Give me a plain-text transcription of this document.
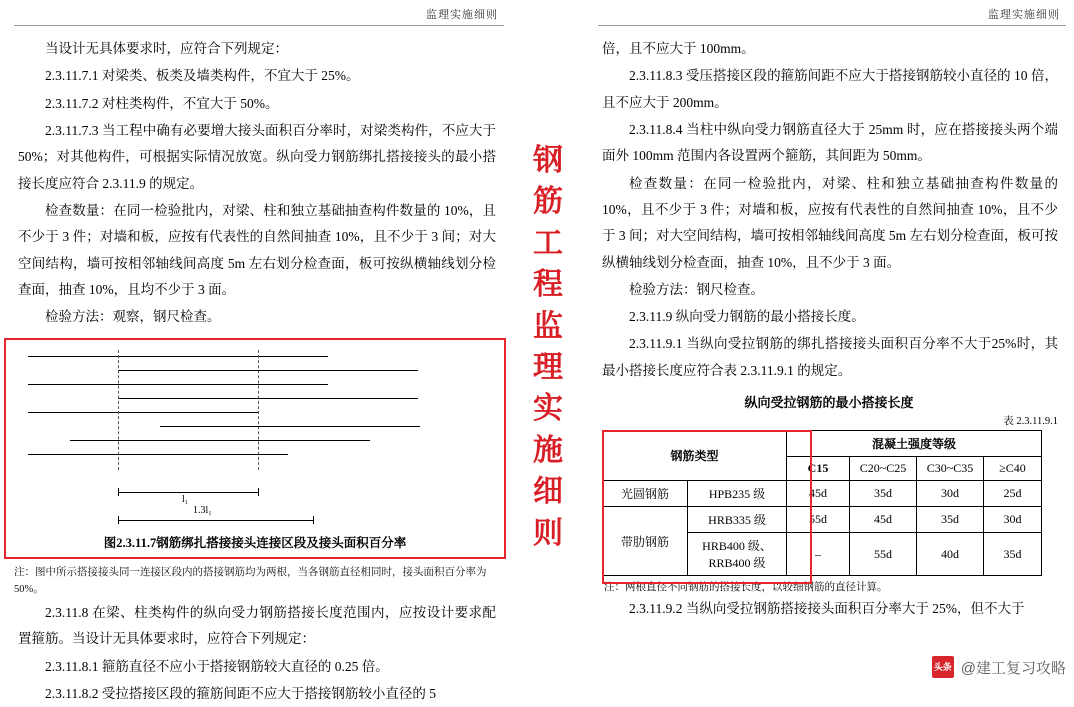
监理实施细则

当设计无具体要求时，应符合下列规定：

2.3.11.7.1 对梁类、板类及墙类构件，不宜大于 25%。

2.3.11.7.2 对柱类构件，不宜大于 50%。

2.3.11.7.3 当工程中确有必要增大接头面积百分率时，对梁类构件，不应大于 50%；对其他构件，可根据实际情况放宽。纵向受力钢筋绑扎搭接接头的最小搭接长度应符合 2.3.11.9 的规定。

检查数量：在同一检验批内，对梁、柱和独立基础抽查构件数量的 10%，且不少于 3 件；对墙和板，应按有代表性的自然间抽查 10%，且不少于 3 间；对大空间结构，墙可按相邻轴线间高度 5m 左右划分检查面，板可按纵横轴线划分检查面，抽查 10%，且均不少于 3 面。

检验方法：观察，钢尺检查。

l₁
1.3l₁
图2.3.11.7钢筋绑扎搭接接头连接区段及接头面积百分率
注：图中所示搭接接头同一连接区段内的搭接钢筋均为两根，当各钢筋直径相同时，接头面积百分率为 50%。

2.3.11.8 在梁、柱类构件的纵向受力钢筋搭接长度范围内，应按设计要求配置箍筋。当设计无具体要求时，应符合下列规定：

2.3.11.8.1 箍筋直径不应小于搭接钢筋较大直径的 0.25 倍。

2.3.11.8.2 受拉搭接区段的箍筋间距不应大于搭接钢筋较小直径的 5

钢
筋
工
程
监
理
实
施
细
则
监理实施细则

倍，且不应大于 100mm。

2.3.11.8.3 受压搭接区段的箍筋间距不应大于搭接钢筋较小直径的 10 倍，且不应大于 200mm。

2.3.11.8.4 当柱中纵向受力钢筋直径大于 25mm 时，应在搭接接头两个端面外 100mm 范围内各设置两个箍筋，其间距为 50mm。

检查数量：在同一检验批内，对梁、柱和独立基础抽查构件数量的 10%，且不少于 3 件；对墙和板，应按有代表性的自然间抽查 10%，且不少于 3 间；对大空间结构，墙可按相邻轴线间高度 5m 左右划分检查面，板可按纵横轴线划分检查面，抽查 10%，且不少于 3 面。

检验方法：钢尺检查。

2.3.11.9 纵向受力钢筋的最小搭接长度。

2.3.11.9.1 当纵向受拉钢筋的绑扎搭接接头面积百分率不大于25%时，其最小搭接长度应符合表 2.3.11.9.1 的规定。

纵向受拉钢筋的最小搭接长度
表 2.3.11.9.1
钢筋类型		混凝土强度等级			
		C15	C20~C25	C30~C35	≥C40
光圆钢筋	HPB235 级	45d	35d	30d	25d
带肋钢筋	HRB335 级	55d	45d	35d	30d
	HRB400 级、RRB400 级	–	55d	40d	35d
注：两根直径不同钢筋的搭接长度，以较细钢筋的直径计算。

2.3.11.9.2 当纵向受拉钢筋搭接接头面积百分率大于 25%，但不大于

头条 @建工复习攻略
